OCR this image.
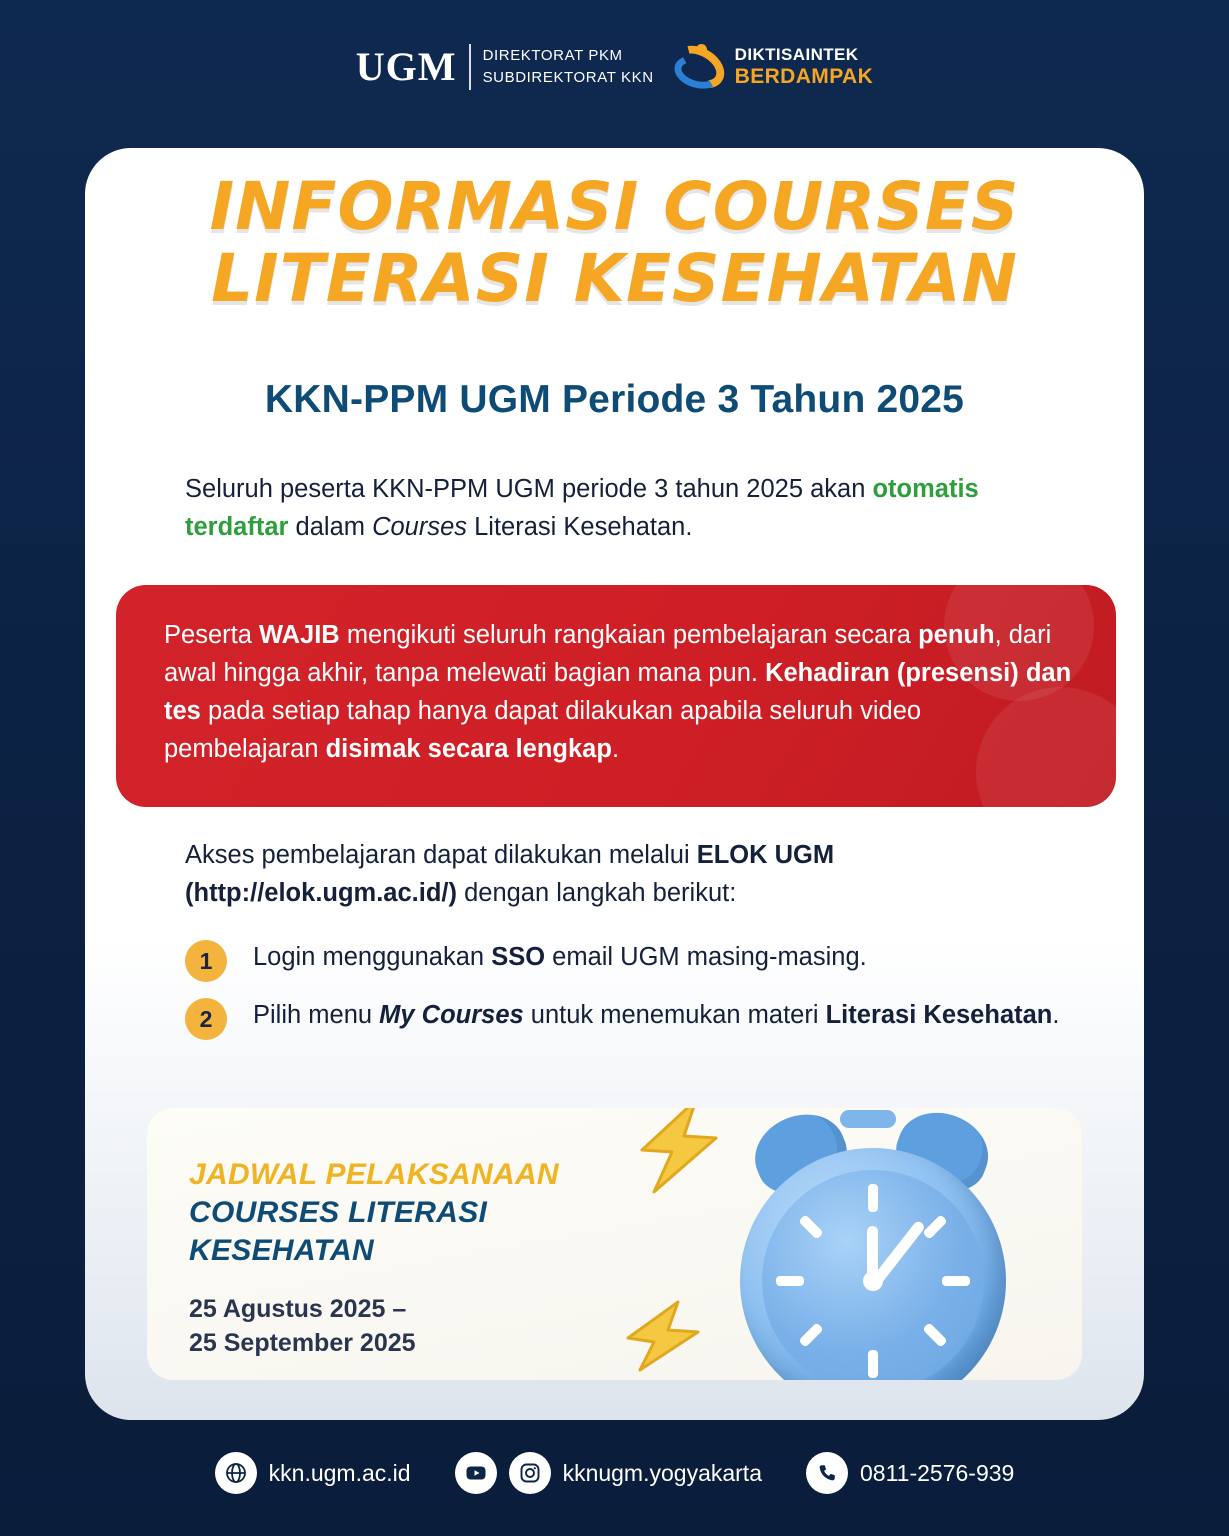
UGM DIREKTORAT PKM
SUBDIREKTORAT KKN
DIKTISAINTEK
BERDAMPAK
INFORMASI COURSES
LITERASI KESEHATAN
KKN-PPM UGM Periode 3 Tahun 2025
Seluruh peserta KKN-PPM UGM periode 3 tahun 2025 akan otomatis terdaftar dalam Courses Literasi Kesehatan.

Peserta WAJIB mengikuti seluruh rangkaian pembelajaran secara penuh, dari awal hingga akhir, tanpa melewati bagian mana pun. Kehadiran (presensi) dan tes pada setiap tahap hanya dapat dilakukan apabila seluruh video pembelajaran disimak secara lengkap.

Akses pembelajaran dapat dilakukan melalui ELOK UGM (http://elok.ugm.ac.id/) dengan langkah berikut:
1	Login menggunakan SSO email UGM masing-masing.
2	Pilih menu My Courses untuk menemukan materi Literasi Kesehatan.
JADWAL PELAKSANAAN
COURSES LITERASI
KESEHATAN
25 Agustus 2025 –
25 September 2025
kkn.ugm.ac.id	kknugm.yogyakarta	0811-2576-939
